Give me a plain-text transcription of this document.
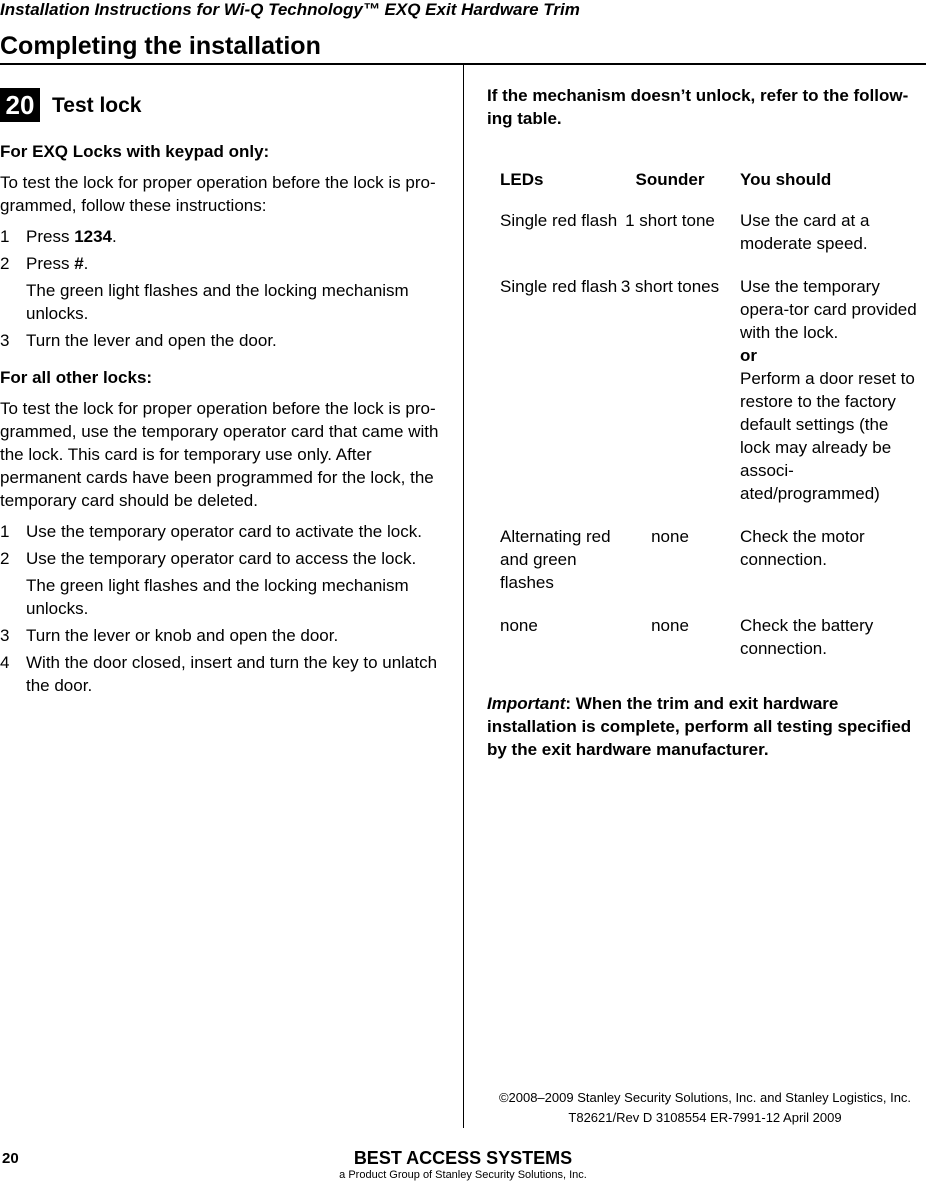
Installation Instructions for Wi-Q Technology™ EXQ Exit Hardware Trim
Completing the installation
20 Test lock
For EXQ Locks with keypad only:
To test the lock for proper operation before the lock is pro-grammed, follow these instructions:
1 Press 1234.
2 Press #.
The green light flashes and the locking mechanism unlocks.
3 Turn the lever and open the door.
For all other locks:
To test the lock for proper operation before the lock is pro-grammed, use the temporary operator card that came with the lock. This card is for temporary use only. After permanent cards have been programmed for the lock, the temporary card should be deleted.
1 Use the temporary operator card to activate the lock.
2 Use the temporary operator card to access the lock.
The green light flashes and the locking mechanism unlocks.
3 Turn the lever or knob and open the door.
4 With the door closed, insert and turn the key to unlatch the door.

If the mechanism doesn’t unlock, refer to the follow-ing table.

LEDs	Sounder	You should
Single red flash	1 short tone	Use the card at a moderate speed.
Single red flash	3 short tones	Use the temporary opera-tor card provided with the lock.
or
Perform a door reset to restore to the factory default settings (the lock may already be associ-ated/programmed)

Alternating red and green flashes	none	Check the motor connection.
none	none	Check the battery connection.
Important: When the trim and exit hardware installation is complete, perform all testing specified by the exit hardware manufacturer.
©2008–2009 Stanley Security Solutions, Inc. and Stanley Logistics, Inc.
T82621/Rev D 3108554 ER-7991-12 April 2009
20	BEST ACCESS SYSTEMS
a Product Group of Stanley Security Solutions, Inc.
